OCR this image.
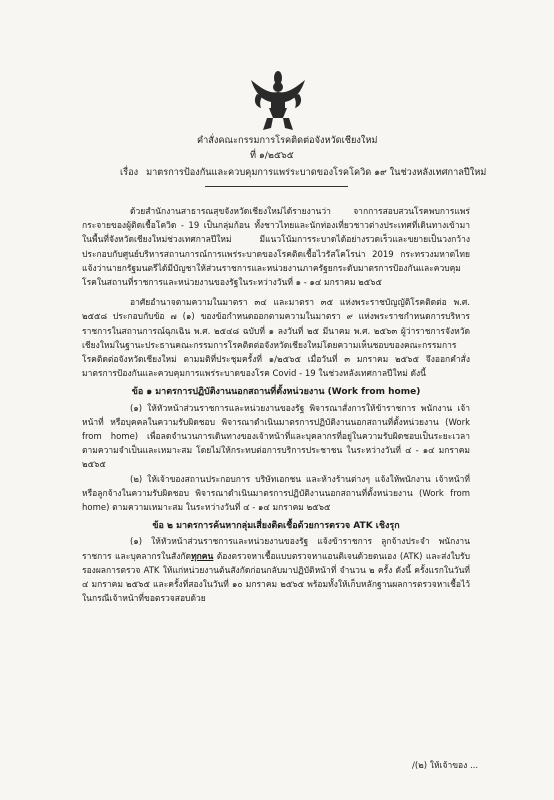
คำสั่งคณะกรรมการโรคติดต่อจังหวัดเชียงใหม่
ที่ ๑/๒๕๖๕
เรื่อง มาตรการป้องกันและควบคุมการแพร่ระบาดของโรคโควิด ๑๙ ในช่วงหลังเทศกาลปีใหม่

ด้วยสำนักงานสาธารณสุขจังหวัดเชียงใหม่ได้รายงานว่า จากการสอบสวนโรคพบการแพร่กระจายของผู้ติดเชื้อโควิด - 19 เป็นกลุ่มก้อน ทั้งชาวไทยและนักท่องเที่ยวชาวต่างประเทศที่เดินทางเข้ามาในพื้นที่จังหวัดเชียงใหม่ช่วงเทศกาลปีใหม่ มีแนวโน้มการระบาดได้อย่างรวดเร็วและขยายเป็นวงกว้าง ประกอบกับศูนย์บริหารสถานการณ์การแพร่ระบาดของโรคติดเชื้อไวรัสโคโรน่า 2019 กระทรวงมหาดไทยแจ้งว่านายกรัฐมนตรีได้มีบัญชาให้ส่วนราชการและหน่วยงานภาครัฐยกระดับมาตรการป้องกันและควบคุมโรคในสถานที่ราชการและหน่วยงานของรัฐในระหว่างวันที่ ๑ - ๑๔ มกราคม ๒๕๖๕

อาศัยอำนาจตามความในมาตรา ๓๔ และมาตรา ๓๕ แห่งพระราชบัญญัติโรคติดต่อ พ.ศ. ๒๕๕๘ ประกอบกับข้อ ๗ (๑) ของข้อกำหนดออกตามความในมาตรา ๙ แห่งพระราชกำหนดการบริหารราชการในสถานการณ์ฉุกเฉิน พ.ศ. ๒๕๔๘ ฉบับที่ ๑ ลงวันที่ ๒๕ มีนาคม พ.ศ. ๒๕๖๓ ผู้ว่าราชการจังหวัดเชียงใหม่ในฐานะประธานคณะกรรมการโรคติดต่อจังหวัดเชียงใหม่โดยความเห็นชอบของคณะกรรมการโรคติดต่อจังหวัดเชียงใหม่ ตามมติที่ประชุมครั้งที่ ๑/๒๕๖๕ เมื่อวันที่ ๓ มกราคม ๒๕๖๕ จึงออกคำสั่งมาตรการป้องกันและควบคุมการแพร่ระบาดของโรค Covid - 19 ในช่วงหลังเทศกาลปีใหม่ ดังนี้

ข้อ ๑ มาตรการปฏิบัติงานนอกสถานที่ตั้งหน่วยงาน (Work from home)

(๑) ให้หัวหน้าส่วนราชการและหน่วยงานของรัฐ พิจารณาสั่งการให้ข้าราชการ พนักงาน เจ้าหน้าที่ หรือบุคคลในความรับผิดชอบ พิจารณาดำเนินมาตรการปฏิบัติงานนอกสถานที่ตั้งหน่วยงาน (Work from home) เพื่อลดจำนวนการเดินทางของเจ้าหน้าที่และบุคลากรที่อยู่ในความรับผิดชอบเป็นระยะเวลาตามความจำเป็นและเหมาะสม โดยไม่ให้กระทบต่อการบริการประชาชน ในระหว่างวันที่ ๔ - ๑๔ มกราคม ๒๕๖๕

(๒) ให้เจ้าของสถานประกอบการ บริษัทเอกชน และห้างร้านต่างๆ แจ้งให้พนักงาน เจ้าหน้าที่ หรือลูกจ้างในความรับผิดชอบ พิจารณาดำเนินมาตรการปฏิบัติงานนอกสถานที่ตั้งหน่วยงาน (Work from home) ตามความเหมาะสม ในระหว่างวันที่ ๔ - ๑๔ มกราคม ๒๕๖๕

ข้อ ๒ มาตรการค้นหากลุ่มเสี่ยงติดเชื้อด้วยการตรวจ ATK เชิงรุก

(๑) ให้หัวหน้าส่วนราชการและหน่วยงานของรัฐ แจ้งข้าราชการ ลูกจ้างประจำ พนักงานราชการ และบุคลากรในสังกัดทุกคน ต้องตรวจหาเชื้อแบบตรวจหาแอนติเจนด้วยตนเอง (ATK) และส่งใบรับรองผลการตรวจ ATK ให้แก่หน่วยงานต้นสังกัดก่อนกลับมาปฏิบัติหน้าที่ จำนวน ๒ ครั้ง ดังนี้ ครั้งแรกในวันที่ ๔ มกราคม ๒๕๖๕ และครั้งที่สองในวันที่ ๑๐ มกราคม ๒๕๖๕ พร้อมทั้งให้เก็บหลักฐานผลการตรวจหาเชื้อไว้ในกรณีเจ้าหน้าที่ขอตรวจสอบด้วย

/(๒) ให้เจ้าของ ...
